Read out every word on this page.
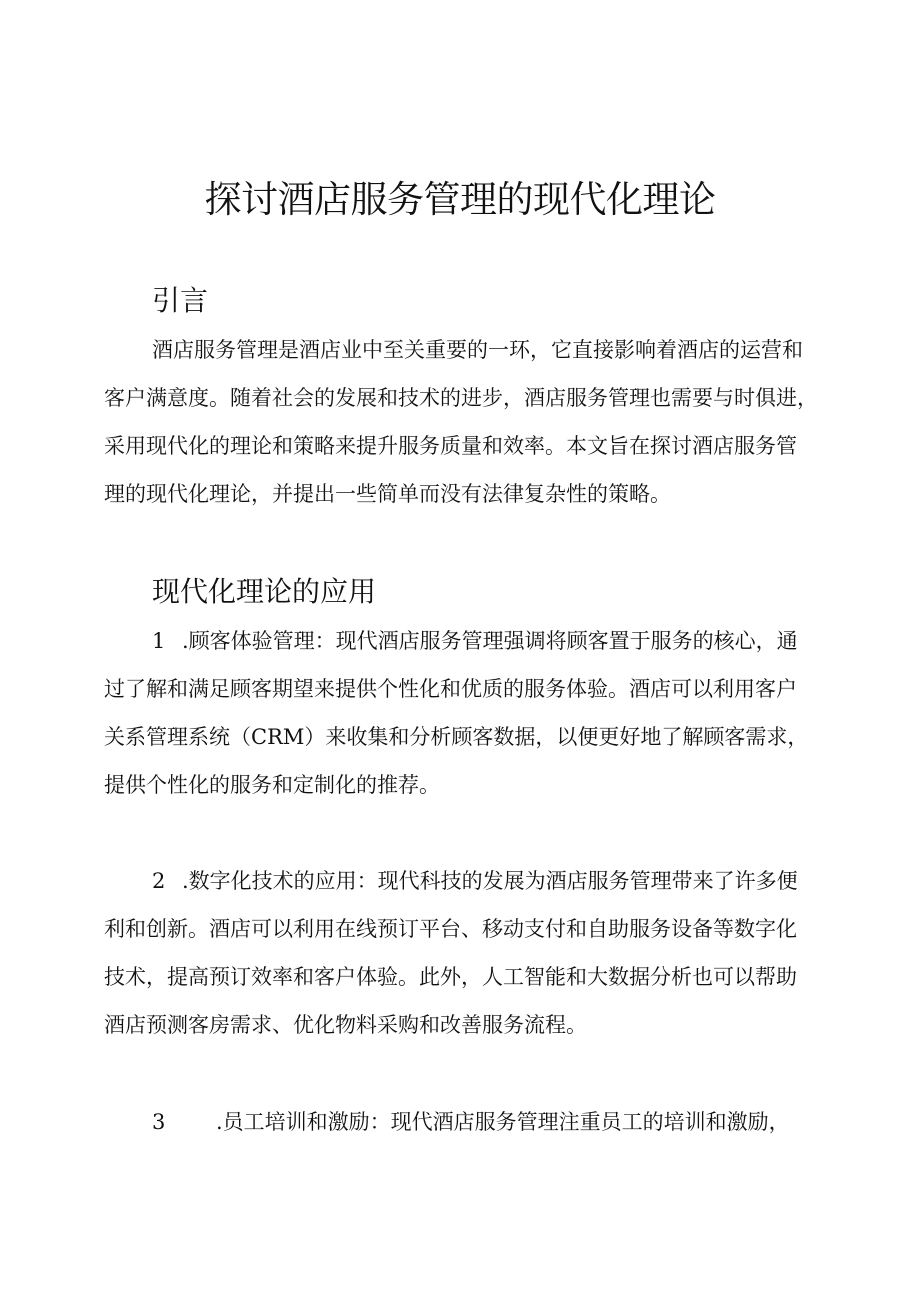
探讨酒店服务管理的现代化理论
引言
酒店服务管理是酒店业中至关重要的一环，它直接影响着酒店的运营和
客户满意度。随着社会的发展和技术的进步，酒店服务管理也需要与时俱进，
采用现代化的理论和策略来提升服务质量和效率。本文旨在探讨酒店服务管
理的现代化理论，并提出一些简单而没有法律复杂性的策略。
现代化理论的应用
1 .顾客体验管理：现代酒店服务管理强调将顾客置于服务的核心，通
过了解和满足顾客期望来提供个性化和优质的服务体验。酒店可以利用客户
关系管理系统（CRM）来收集和分析顾客数据，以便更好地了解顾客需求，
提供个性化的服务和定制化的推荐。
2 .数字化技术的应用：现代科技的发展为酒店服务管理带来了许多便
利和创新。酒店可以利用在线预订平台、移动支付和自助服务设备等数字化
技术，提高预订效率和客户体验。此外，人工智能和大数据分析也可以帮助
酒店预测客房需求、优化物料采购和改善服务流程。
3 .员工培训和激励：现代酒店服务管理注重员工的培训和激励，
